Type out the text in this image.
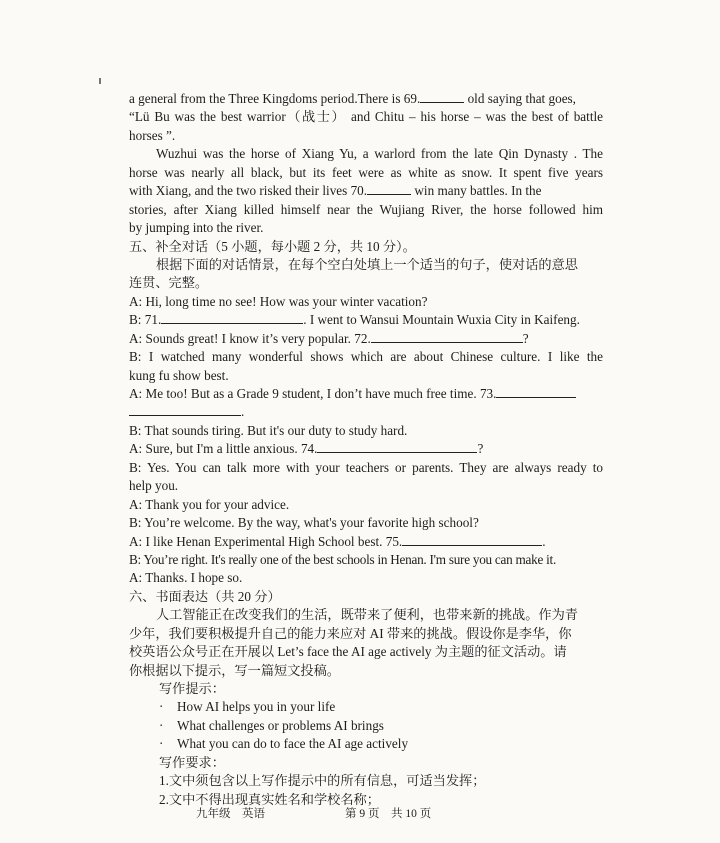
a general from the Three Kingdoms period.There is 69.	old saying that goes,
“Lü Bu was the best warrior（战士） and Chitu – his horse – was the best of battle
horses ”.
Wuzhui was the horse of Xiang Yu, a warlord from the late Qin Dynasty . The
horse was nearly all black, but its feet were as white as snow. It spent five years
with Xiang, and the two risked their lives 70.	win many battles. In the
stories, after Xiang killed himself near the Wujiang River, the horse followed him
by jumping into the river.
五、补全对话（5 小题，每小题 2 分，共 10 分）。
根据下面的对话情景，在每个空白处填上一个适当的句子，使对话的意思
连贯、完整。
A: Hi, long time no see! How was your winter vacation?
B: 71.	. I went to Wansui Mountain Wuxia City in Kaifeng.
A: Sounds great! I know it’s very popular. 72.	?
B: I watched many wonderful shows which are about Chinese culture. I like the
kung fu show best.
A: Me too! But as a Grade 9 student, I don’t have much free time. 73.
.
B: That sounds tiring. But it's our duty to study hard.
A: Sure, but I'm a little anxious. 74.	?
B: Yes. You can talk more with your teachers or parents. They are always ready to
help you.
A: Thank you for your advice.
B: You’re welcome. By the way, what's your favorite high school?
A: I like Henan Experimental High School best. 75.	.
B: You’re right. It's really one of the best schools in Henan. I'm sure you can make it.
A: Thanks. I hope so.
六、书面表达（共 20 分）
人工智能正在改变我们的生活，既带来了便利，也带来新的挑战。作为青
少年，我们要积极提升自己的能力来应对 AI 带来的挑战。假设你是李华，你
校英语公众号正在开展以 Let’s face the AI age actively 为主题的征文活动。请
你根据以下提示，写一篇短文投稿。
写作提示：
· How AI helps you in your life
· What challenges or problems AI brings
· What you can do to face the AI age actively
写作要求：
1.文中须包含以上写作提示中的所有信息，可适当发挥；
2.文中不得出现真实姓名和学校名称；
九年级　英语	第 9 页　共 10 页
